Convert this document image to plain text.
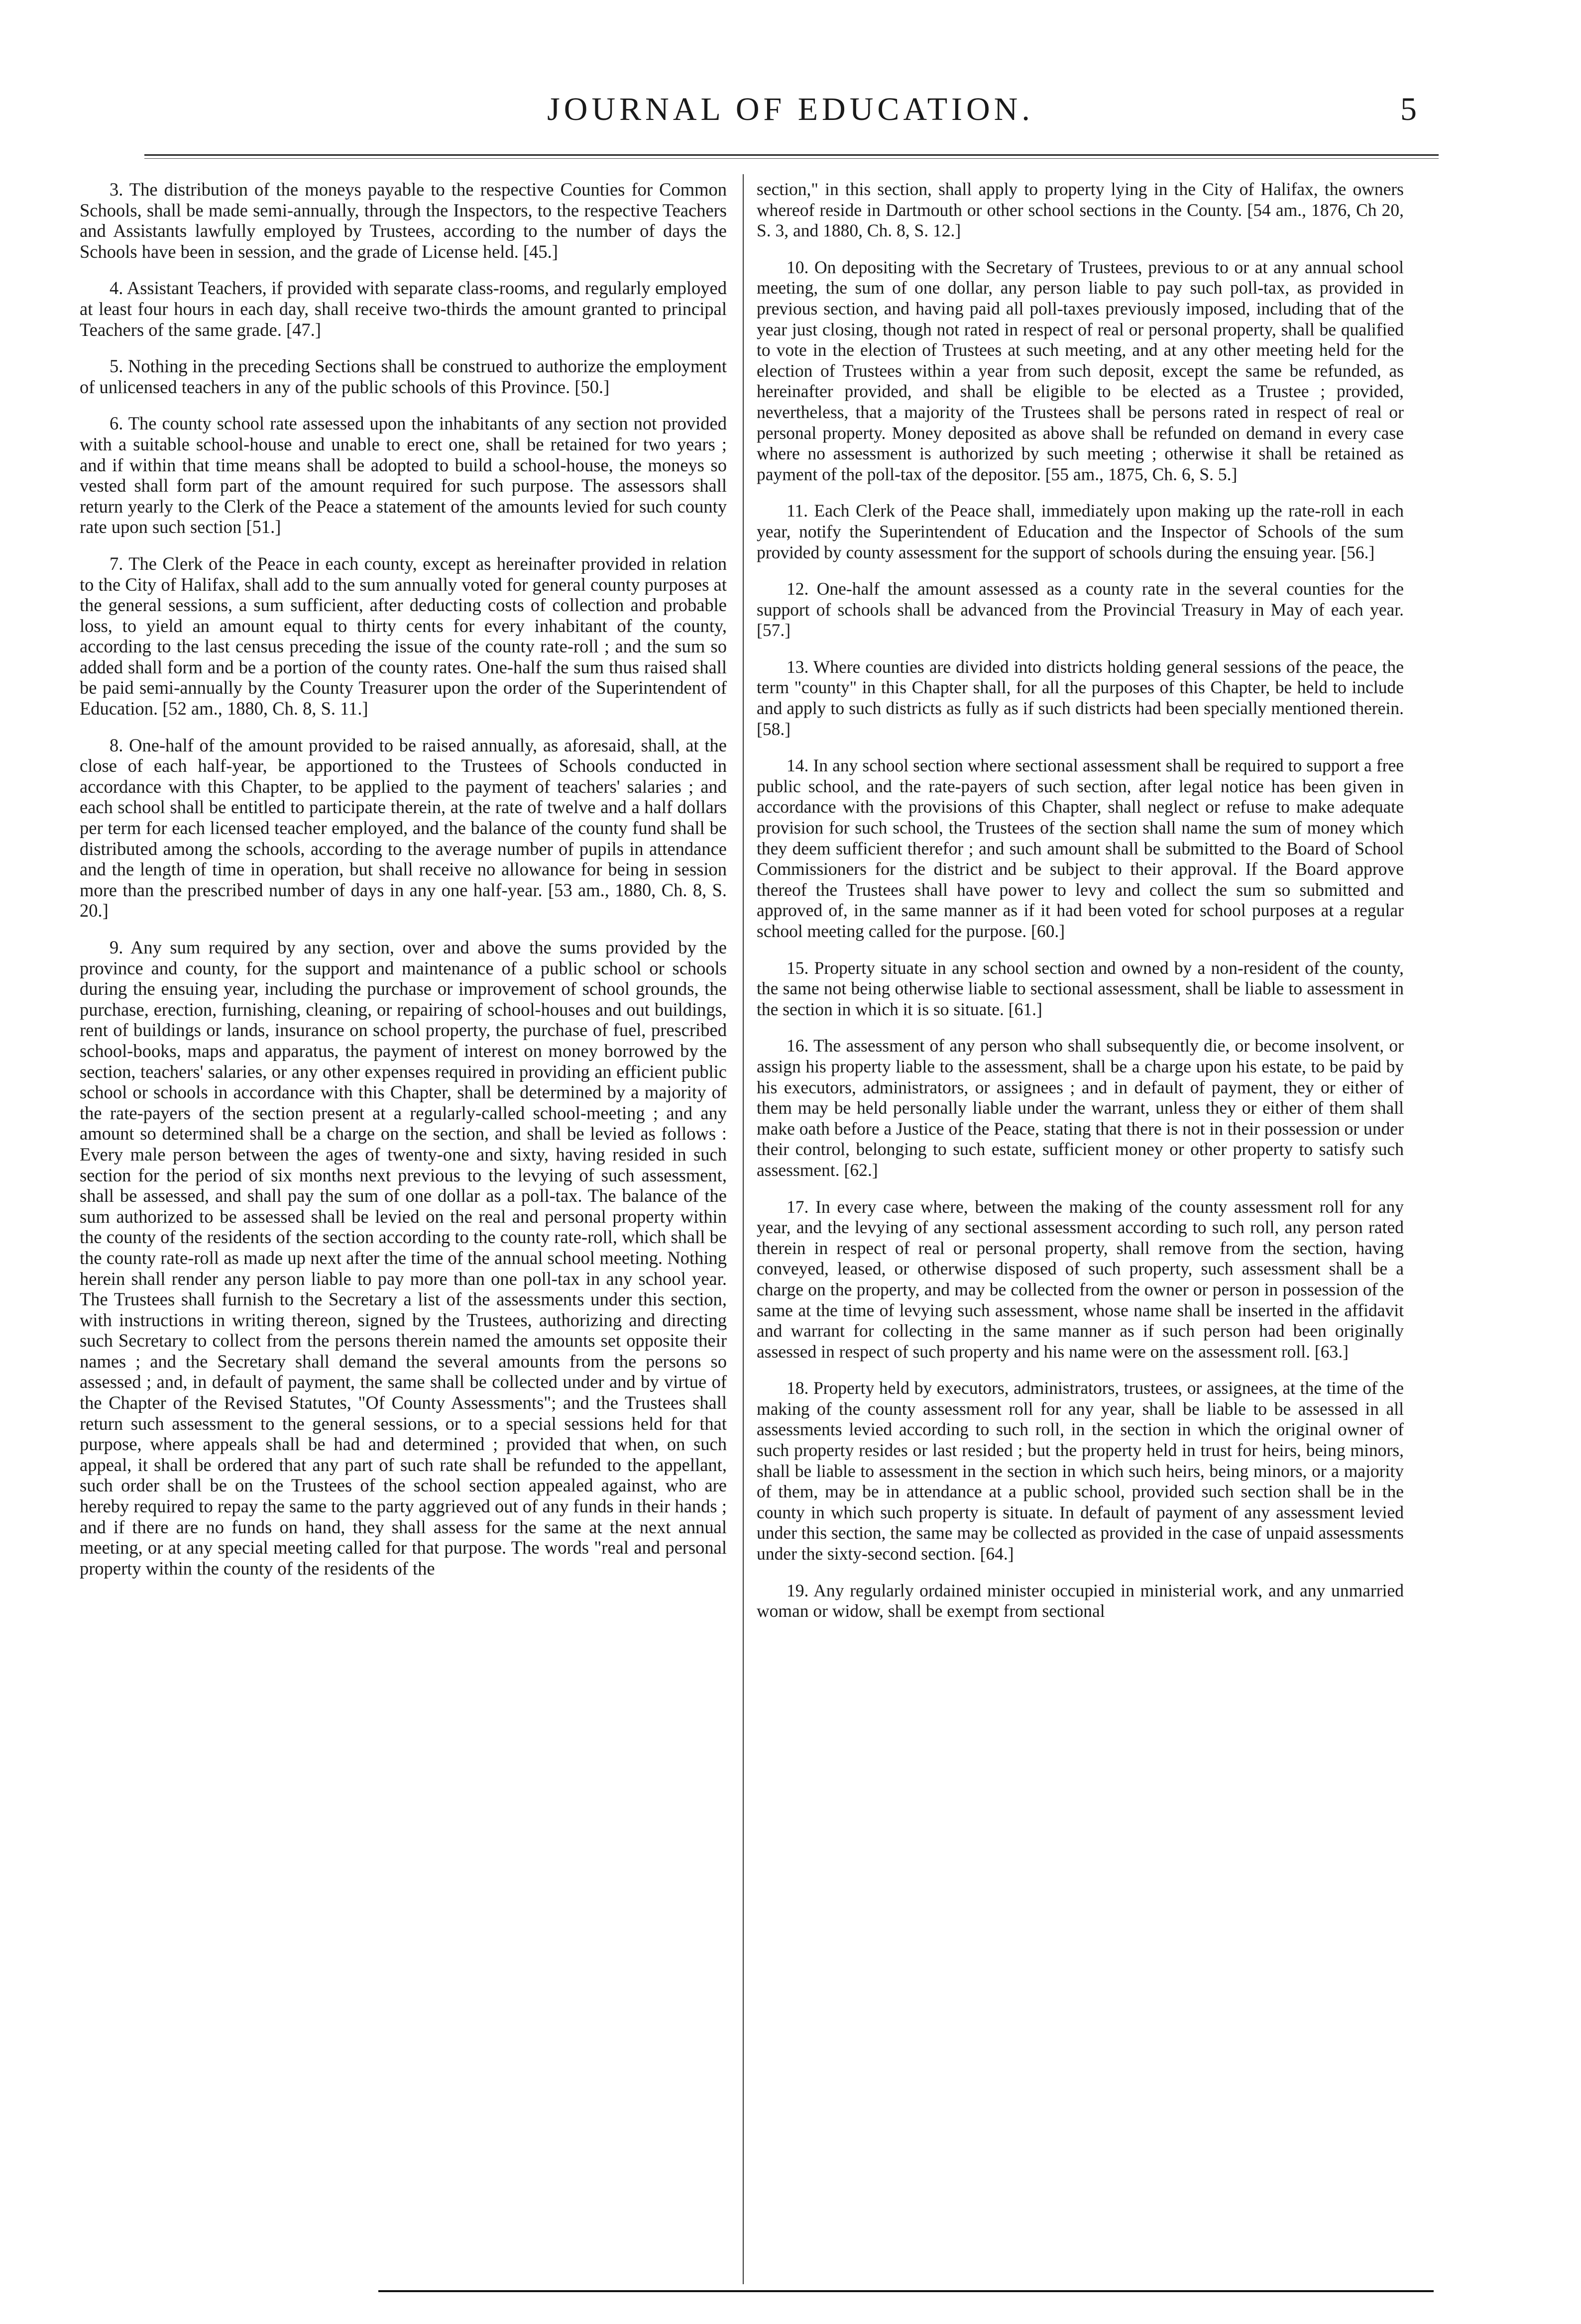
JOURNAL OF EDUCATION.	5

3. The distribution of the moneys payable to the respective Counties for Common Schools, shall be made semi-annually, through the Inspectors, to the respective Teachers and Assistants lawfully employed by Trustees, according to the number of days the Schools have been in session, and the grade of License held. [45.]

4. Assistant Teachers, if provided with separate class-rooms, and regularly employed at least four hours in each day, shall receive two-thirds the amount granted to principal Teachers of the same grade. [47.]

5. Nothing in the preceding Sections shall be construed to authorize the employment of unlicensed teachers in any of the public schools of this Province. [50.]

6. The county school rate assessed upon the inhabitants of any section not provided with a suitable school-house and unable to erect one, shall be retained for two years ; and if within that time means shall be adopted to build a school-house, the moneys so vested shall form part of the amount required for such purpose. The assessors shall return yearly to the Clerk of the Peace a statement of the amounts levied for such county rate upon such section [51.]

7. The Clerk of the Peace in each county, except as hereinafter provided in relation to the City of Halifax, shall add to the sum annually voted for general county purposes at the general sessions, a sum sufficient, after deducting costs of collection and probable loss, to yield an amount equal to thirty cents for every inhabitant of the county, according to the last census preceding the issue of the county rate-roll ; and the sum so added shall form and be a portion of the county rates. One-half the sum thus raised shall be paid semi-annually by the County Treasurer upon the order of the Superintendent of Education. [52 am., 1880, Ch. 8, S. 11.]

8. One-half of the amount provided to be raised annually, as aforesaid, shall, at the close of each half-year, be apportioned to the Trustees of Schools conducted in accordance with this Chapter, to be applied to the payment of teachers' salaries ; and each school shall be entitled to participate therein, at the rate of twelve and a half dollars per term for each licensed teacher employed, and the balance of the county fund shall be distributed among the schools, according to the average number of pupils in attendance and the length of time in operation, but shall receive no allowance for being in session more than the prescribed number of days in any one half-year. [53 am., 1880, Ch. 8, S. 20.]

9. Any sum required by any section, over and above the sums provided by the province and county, for the support and maintenance of a public school or schools during the ensuing year, including the purchase or improvement of school grounds, the purchase, erection, furnishing, cleaning, or repairing of school-houses and out buildings, rent of buildings or lands, insurance on school property, the purchase of fuel, prescribed school-books, maps and apparatus, the payment of interest on money borrowed by the section, teachers' salaries, or any other expenses required in providing an efficient public school or schools in accordance with this Chapter, shall be determined by a majority of the rate-payers of the section present at a regularly-called school-meeting ; and any amount so determined shall be a charge on the section, and shall be levied as follows : Every male person between the ages of twenty-one and sixty, having resided in such section for the period of six months next previous to the levying of such assessment, shall be assessed, and shall pay the sum of one dollar as a poll-tax. The balance of the sum authorized to be assessed shall be levied on the real and personal property within the county of the residents of the section according to the county rate-roll, which shall be the county rate-roll as made up next after the time of the annual school meeting. Nothing herein shall render any person liable to pay more than one poll-tax in any school year. The Trustees shall furnish to the Secretary a list of the assessments under this section, with instructions in writing thereon, signed by the Trustees, authorizing and directing such Secretary to collect from the persons therein named the amounts set opposite their names ; and the Secretary shall demand the several amounts from the persons so assessed ; and, in default of payment, the same shall be collected under and by virtue of the Chapter of the Revised Statutes, "Of County Assessments"; and the Trustees shall return such assessment to the general sessions, or to a special sessions held for that purpose, where appeals shall be had and determined ; provided that when, on such appeal, it shall be ordered that any part of such rate shall be refunded to the appellant, such order shall be on the Trustees of the school section appealed against, who are hereby required to repay the same to the party aggrieved out of any funds in their hands ; and if there are no funds on hand, they shall assess for the same at the next annual meeting, or at any special meeting called for that purpose. The words "real and personal property within the county of the residents of the

section," in this section, shall apply to property lying in the City of Halifax, the owners whereof reside in Dartmouth or other school sections in the County. [54 am., 1876, Ch 20, S. 3, and 1880, Ch. 8, S. 12.]

10. On depositing with the Secretary of Trustees, previous to or at any annual school meeting, the sum of one dollar, any person liable to pay such poll-tax, as provided in previous section, and having paid all poll-taxes previously imposed, including that of the year just closing, though not rated in respect of real or personal property, shall be qualified to vote in the election of Trustees at such meeting, and at any other meeting held for the election of Trustees within a year from such deposit, except the same be refunded, as hereinafter provided, and shall be eligible to be elected as a Trustee ; provided, nevertheless, that a majority of the Trustees shall be persons rated in respect of real or personal property. Money deposited as above shall be refunded on demand in every case where no assessment is authorized by such meeting ; otherwise it shall be retained as payment of the poll-tax of the depositor. [55 am., 1875, Ch. 6, S. 5.]

11. Each Clerk of the Peace shall, immediately upon making up the rate-roll in each year, notify the Superintendent of Education and the Inspector of Schools of the sum provided by county assessment for the support of schools during the ensuing year. [56.]

12. One-half the amount assessed as a county rate in the several counties for the support of schools shall be advanced from the Provincial Treasury in May of each year. [57.]

13. Where counties are divided into districts holding general sessions of the peace, the term "county" in this Chapter shall, for all the purposes of this Chapter, be held to include and apply to such districts as fully as if such districts had been specially mentioned therein. [58.]

14. In any school section where sectional assessment shall be required to support a free public school, and the rate-payers of such section, after legal notice has been given in accordance with the provisions of this Chapter, shall neglect or refuse to make adequate provision for such school, the Trustees of the section shall name the sum of money which they deem sufficient therefor ; and such amount shall be submitted to the Board of School Commissioners for the district and be subject to their approval. If the Board approve thereof the Trustees shall have power to levy and collect the sum so submitted and approved of, in the same manner as if it had been voted for school purposes at a regular school meeting called for the purpose. [60.]

15. Property situate in any school section and owned by a non-resident of the county, the same not being otherwise liable to sectional assessment, shall be liable to assessment in the section in which it is so situate. [61.]

16. The assessment of any person who shall subsequently die, or become insolvent, or assign his property liable to the assessment, shall be a charge upon his estate, to be paid by his executors, administrators, or assignees ; and in default of payment, they or either of them may be held personally liable under the warrant, unless they or either of them shall make oath before a Justice of the Peace, stating that there is not in their possession or under their control, belonging to such estate, sufficient money or other property to satisfy such assessment. [62.]

17. In every case where, between the making of the county assessment roll for any year, and the levying of any sectional assessment according to such roll, any person rated therein in respect of real or personal property, shall remove from the section, having conveyed, leased, or otherwise disposed of such property, such assessment shall be a charge on the property, and may be collected from the owner or person in possession of the same at the time of levying such assessment, whose name shall be inserted in the affidavit and warrant for collecting in the same manner as if such person had been originally assessed in respect of such property and his name were on the assessment roll. [63.]

18. Property held by executors, administrators, trustees, or assignees, at the time of the making of the county assessment roll for any year, shall be liable to be assessed in all assessments levied according to such roll, in the section in which the original owner of such property resides or last resided ; but the property held in trust for heirs, being minors, shall be liable to assessment in the section in which such heirs, being minors, or a majority of them, may be in attendance at a public school, provided such section shall be in the county in which such property is situate. In default of payment of any assessment levied under this section, the same may be collected as provided in the case of unpaid assessments under the sixty-second section. [64.]

19. Any regularly ordained minister occupied in ministerial work, and any unmarried woman or widow, shall be exempt from sectional
